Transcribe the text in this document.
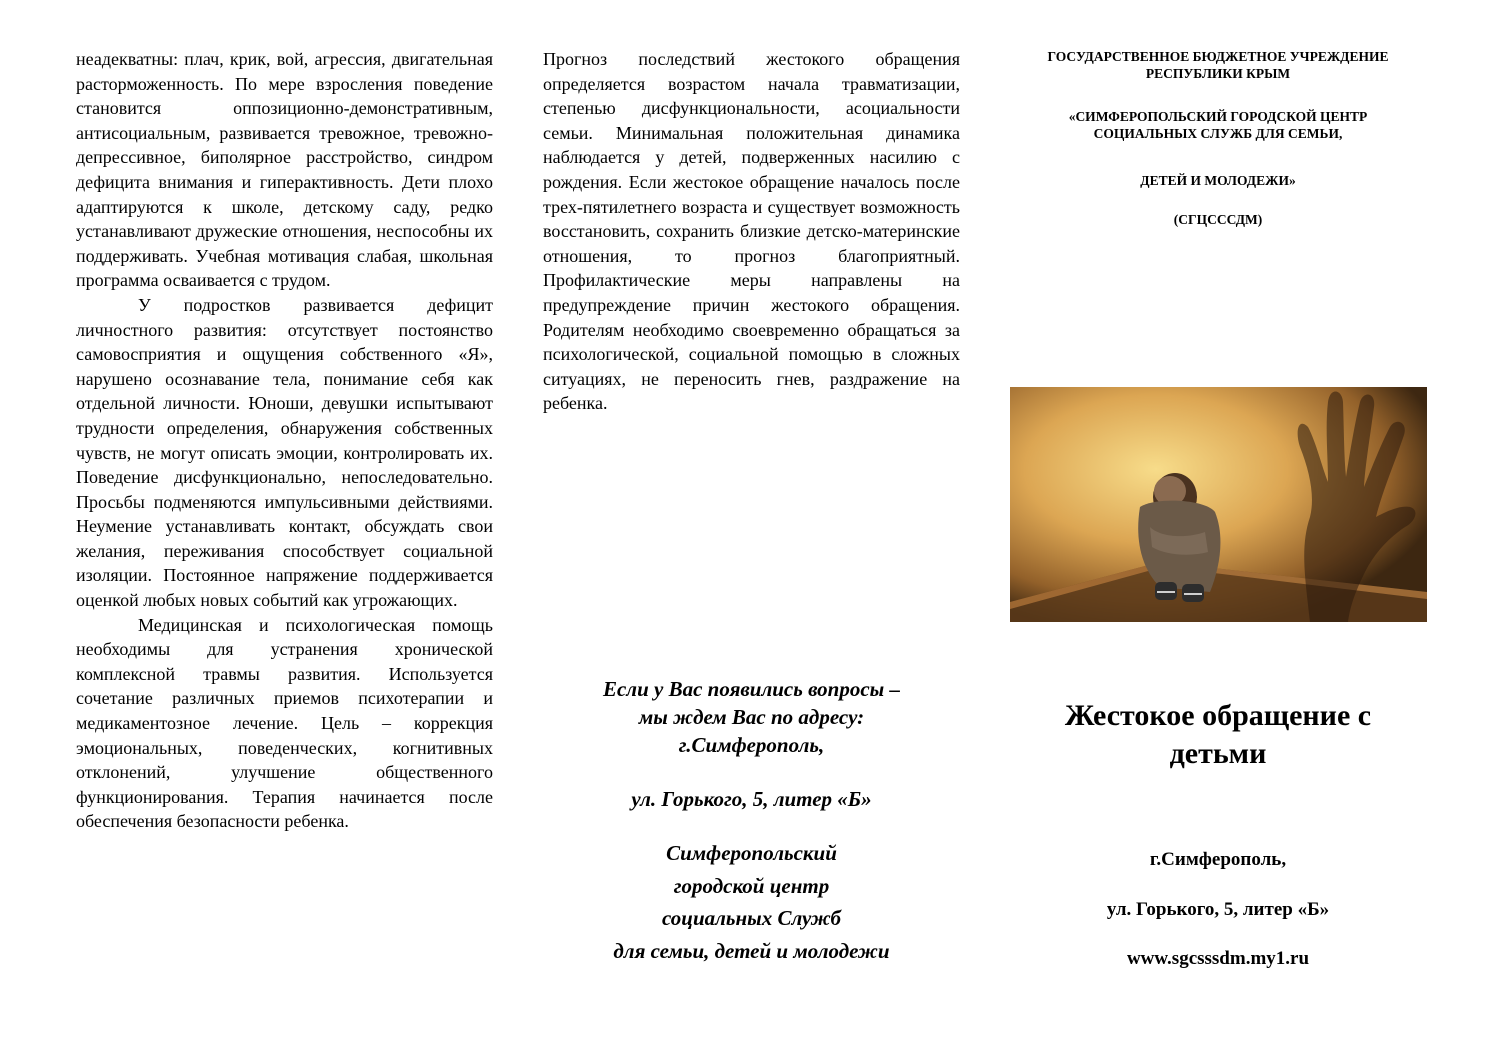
неадекватны: плач, крик, вой, агрессия, двигательная расторможенность. По мере взросления поведение становится оппозиционно-демонстративным, антисоциальным, развивается тревожное, тревожно-депрессивное, биполярное расстройство, синдром дефицита внимания и гиперактивность. Дети плохо адаптируются к школе, детскому саду, редко устанавливают дружеские отношения, неспособны их поддерживать. Учебная мотивация слабая, школьная программа осваивается с трудом.

У подростков развивается дефицит личностного развития: отсутствует постоянство самовосприятия и ощущения собственного «Я», нарушено осознавание тела, понимание себя как отдельной личности. Юноши, девушки испытывают трудности определения, обнаружения собственных чувств, не могут описать эмоции, контролировать их. Поведение дисфункционально, непоследовательно. Просьбы подменяются импульсивными действиями. Неумение устанавливать контакт, обсуждать свои желания, переживания способствует социальной изоляции. Постоянное напряжение поддерживается оценкой любых новых событий как угрожающих.

Медицинская и психологическая помощь необходимы для устранения хронической комплексной травмы развития. Используется сочетание различных приемов психотерапии и медикаментозное лечение. Цель – коррекция эмоциональных, поведенческих, когнитивных отклонений, улучшение общественного функционирования. Терапия начинается после обеспечения безопасности ребенка.

Прогноз последствий жестокого обращения определяется возрастом начала травматизации, степенью дисфункциональности, асоциальности семьи. Минимальная положительная динамика наблюдается у детей, подверженных насилию с рождения. Если жестокое обращение началось после трех-пятилетнего возраста и существует возможность восстановить, сохранить близкие детско-материнские отношения, то прогноз благоприятный. Профилактические меры направлены на предупреждение причин жестокого обращения. Родителям необходимо своевременно обращаться за психологической, социальной помощью в сложных ситуациях, не переносить гнев, раздражение на ребенка.

Если у Вас появились вопросы –

мы ждем Вас по адресу:

г.Симферополь,

ул. Горького, 5, литер «Б»

Симферопольский

городской центр

социальных Служб

для семьи, детей и молодежи

ГОСУДАРСТВЕННОЕ БЮДЖЕТНОЕ УЧРЕЖДЕНИЕ

РЕСПУБЛИКИ КРЫМ

«СИМФЕРОПОЛЬСКИЙ ГОРОДСКОЙ ЦЕНТР

СОЦИАЛЬНЫХ СЛУЖБ ДЛЯ СЕМЬИ,

ДЕТЕЙ И МОЛОДЕЖИ»

(СГЦСССДМ)

Жестокое обращение с
детьми

г.Симферополь,

ул. Горького, 5, литер «Б»

www.sgcsssdm.my1.ru
